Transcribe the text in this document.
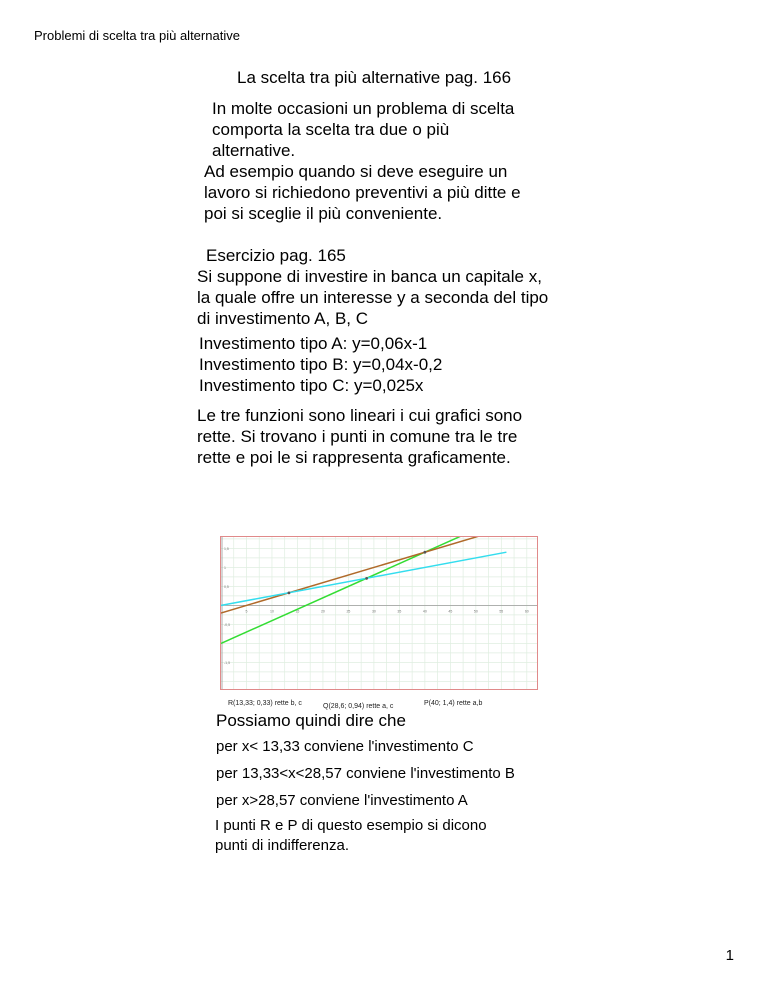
Problemi di scelta tra più alternative
La scelta tra più alternative pag. 166
In molte occasioni un problema di scelta
comporta la scelta tra due o più
alternative.
Ad esempio quando si deve eseguire un
lavoro si richiedono preventivi a più ditte e
poi si sceglie il più conveniente.
Esercizio pag. 165
Si suppone di investire in banca un capitale x,
la quale offre un interesse y a seconda del tipo
di investimento A, B, C
Investimento tipo A: y=0,06x-1
Investimento tipo B: y=0,04x-0,2
Investimento tipo C: y=0,025x
Le tre funzioni sono lineari i cui grafici sono
rette. Si trovano i punti in comune tra le tre
rette e poi le si rappresenta graficamente.
5	10	15	20	25	30	35	40	45	50	55	60
1,5
1
0,5
-0,5
-1,5
R(13,33; 0,33) rette b, c	Q(28,6; 0,94) rette a, c	P(40; 1,4) rette a,b
Possiamo quindi dire che
per x< 13,33 conviene l'investimento C
per 13,33<x<28,57 conviene l'investimento B
per x>28,57 conviene l'investimento A
I punti R e P di questo esempio si dicono
punti di indifferenza.
1
